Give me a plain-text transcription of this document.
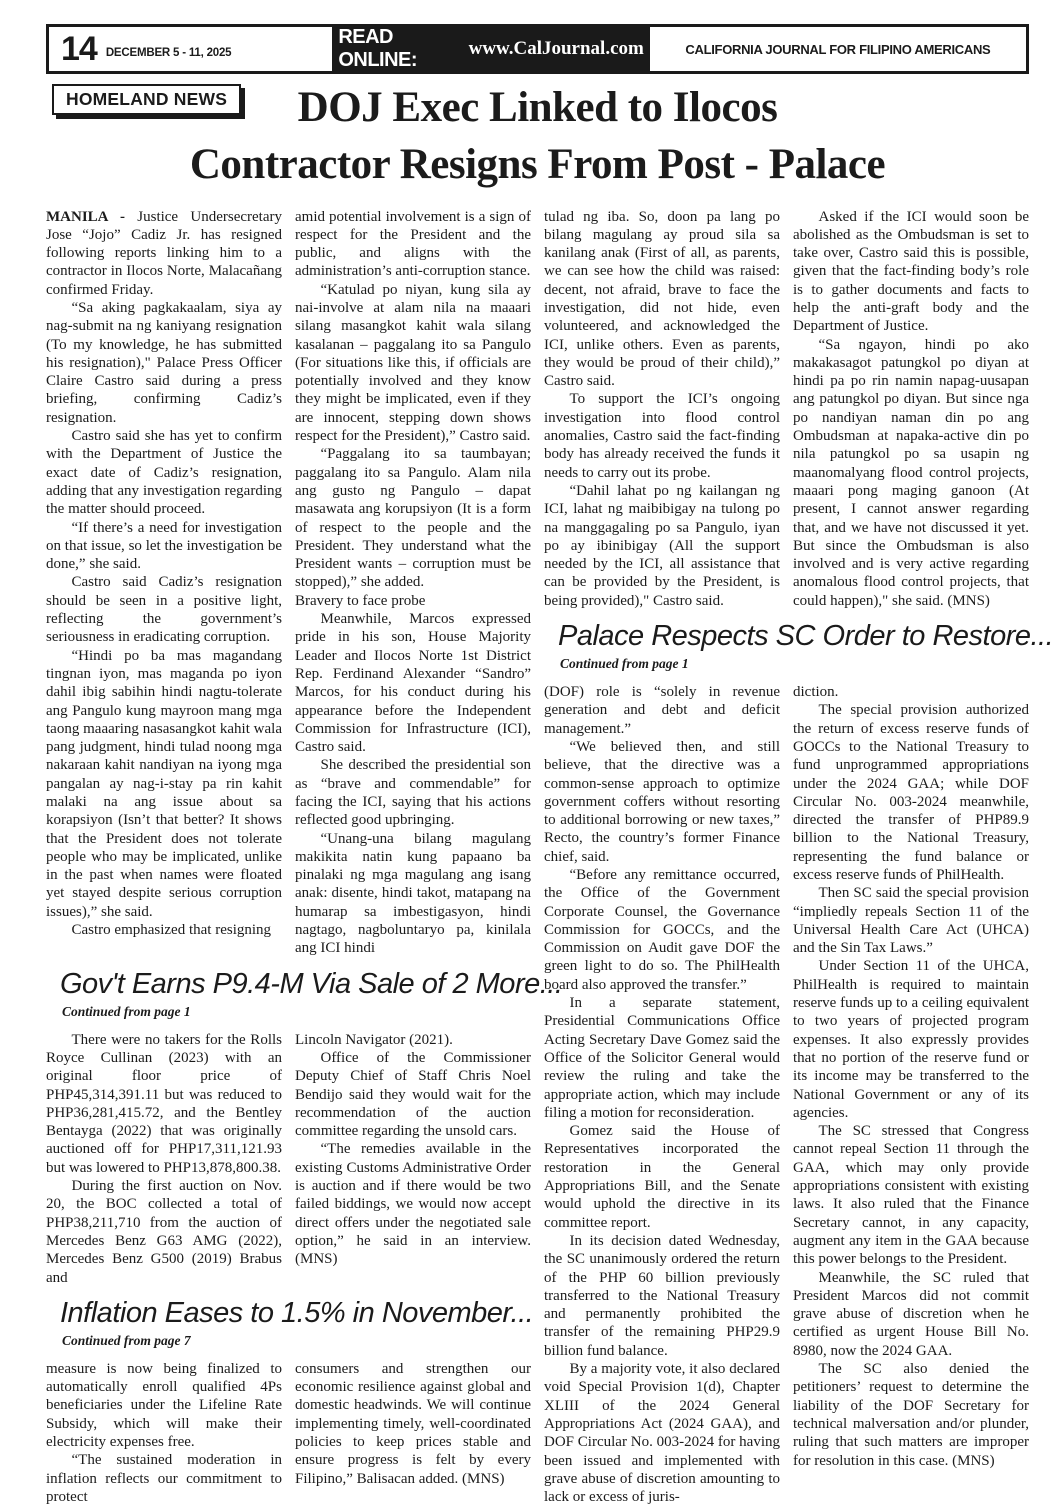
14 DECEMBER 5 - 11, 2025
READ ONLINE:
www.CalJournal.com	CALIFORNIA JOURNAL FOR FILIPINO AMERICANS
HOMELAND NEWS	DOJ Exec Linked to Ilocos
Contractor Resigns From Post - Palace

MANILA - Justice Undersecretary Jose “Jojo” Cadiz Jr. has resigned following reports linking him to a contractor in Ilocos Norte, Malacañang confirmed Friday.

“Sa aking pagkakaalam, siya ay nag-submit na ng kaniyang resignation (To my knowledge, he has submitted his resignation)," Palace Press Officer Claire Castro said during a press briefing, confirming Cadiz’s resignation.

Castro said she has yet to confirm with the Department of Justice the exact date of Cadiz’s resignation, adding that any investigation regarding the matter should proceed.

“If there’s a need for investigation on that issue, so let the investigation be done,” she said.

Castro said Cadiz’s resignation should be seen in a positive light, reflecting the government’s seriousness in eradicating corruption.

“Hindi po ba mas magandang tingnan iyon, mas maganda po iyon dahil ibig sabihin hindi nagtu-tolerate ang Pangulo kung mayroon mang mga taong maaaring nasasangkot kahit wala pang judgment, hindi tulad noong mga nakaraan kahit nandiyan na iyong mga pangalan ay nag-i-stay pa rin kahit malaki na ang issue about sa korapsiyon (Isn’t that better? It shows that the President does not tolerate people who may be implicated, unlike in the past when names were floated yet stayed despite serious corruption issues),” she said.

Castro emphasized that resigning

amid potential involvement is a sign of respect for the President and the public, and aligns with the administration’s anti-corruption stance.

“Katulad po niyan, kung sila ay nai-involve at alam nila na maaari silang masangkot kahit wala silang kasalanan – paggalang ito sa Pangulo (For situations like this, if officials are potentially involved and they know they might be implicated, even if they are innocent, stepping down shows respect for the President),” Castro said.

“Paggalang ito sa taumbayan; paggalang ito sa Pangulo. Alam nila ang gusto ng Pangulo – dapat masawata ang korupsiyon (It is a form of respect to the people and the President. They understand what the President wants – corruption must be stopped),” she added.

Bravery to face probe

Meanwhile, Marcos expressed pride in his son, House Majority Leader and Ilocos Norte 1st District Rep. Ferdinand Alexander “Sandro” Marcos, for his conduct during his appearance before the Independent Commission for Infrastructure (ICI), Castro said.

She described the presidential son as “brave and commendable” for facing the ICI, saying that his actions reflected good upbringing.

“Unang-una bilang magulang makikita natin kung papaano ba pinalaki ng mga magulang ang isang anak: disente, hindi takot, matapang na humarap sa imbestigasyon, hindi nagtago, nagboluntaryo pa, kinilala ang ICI hindi

Gov't Earns P9.4-M Via Sale of 2 More...
Continued from page 1

There were no takers for the Rolls Royce Cullinan (2023) with an original floor price of PHP45,314,391.11 but was reduced to PHP36,281,415.72, and the Bentley Bentayga (2022) that was originally auctioned off for PHP17,311,121.93 but was lowered to PHP13,878,800.38.

During the first auction on Nov. 20, the BOC collected a total of PHP38,211,710 from the auction of Mercedes Benz G63 AMG (2022), Mercedes Benz G500 (2019) Brabus and

Lincoln Navigator (2021).

Office of the Commissioner Deputy Chief of Staff Chris Noel Bendijo said they would wait for the recommendation of the auction committee regarding the unsold cars.

“The remedies available in the existing Customs Administrative Order is auction and if there would be two failed biddings, we would now accept direct offers under the negotiated sale option,” he said in an interview. (MNS)

Inflation Eases to 1.5% in November...
Continued from page 7

measure is now being finalized to automatically enroll qualified 4Ps beneficiaries under the Lifeline Rate Subsidy, which will make their electricity expenses free.

“The sustained moderation in inflation reflects our commitment to protect

consumers and strengthen our economic resilience against global and domestic headwinds. We will continue implementing timely, well-coordinated policies to keep prices stable and ensure progress is felt by every Filipino,” Balisacan added. (MNS)

tulad ng iba. So, doon pa lang po bilang magulang ay proud sila sa kanilang anak (First of all, as parents, we can see how the child was raised: decent, not afraid, brave to face the investigation, did not hide, even volunteered, and acknowledged the ICI, unlike others. Even as parents, they would be proud of their child),” Castro said.

To support the ICI’s ongoing investigation into flood control anomalies, Castro said the fact-finding body has already received the funds it needs to carry out its probe.

“Dahil lahat po ng kailangan ng ICI, lahat ng maibibigay na tulong po na manggagaling po sa Pangulo, iyan po ay ibinibigay (All the support needed by the ICI, all assistance that can be provided by the President, is being provided)," Castro said.

Asked if the ICI would soon be abolished as the Ombudsman is set to take over, Castro said this is possible, given that the fact-finding body’s role is to gather documents and facts to help the anti-graft body and the Department of Justice.

“Sa ngayon, hindi po ako makakasagot patungkol po diyan at hindi pa po rin namin napag-uusapan ang patungkol po diyan. But since nga po nandiyan naman din po ang Ombudsman at napaka-active din po nila patungkol po sa usapin ng maanomalyang flood control projects, maaari pong maging ganoon (At present, I cannot answer regarding that, and we have not discussed it yet. But since the Ombudsman is also involved and is very active regarding anomalous flood control projects, that could happen)," she said. (MNS)

Palace Respects SC Order to Restore...
Continued from page 1

(DOF) role is “solely in revenue generation and debt and deficit management.”

“We believed then, and still believe, that the directive was a common-sense approach to optimize government coffers without resorting to additional borrowing or new taxes,” Recto, the country’s former Finance chief, said.

“Before any remittance occurred, the Office of the Government Corporate Counsel, the Governance Commission for GOCCs, and the Commission on Audit gave DOF the green light to do so. The PhilHealth board also approved the transfer.”

In a separate statement, Presidential Communications Office Acting Secretary Dave Gomez said the Office of the Solicitor General would review the ruling and take the appropriate action, which may include filing a motion for reconsideration.

Gomez said the House of Representatives incorporated the restoration in the General Appropriations Bill, and the Senate would uphold the directive in its committee report.

In its decision dated Wednesday, the SC unanimously ordered the return of the PHP 60 billion previously transferred to the National Treasury and permanently prohibited the transfer of the remaining PHP29.9 billion fund balance.

By a majority vote, it also declared void Special Provision 1(d), Chapter XLIII of the 2024 General Appropriations Act (2024 GAA), and DOF Circular No. 003-2024 for having been issued and implemented with grave abuse of discretion amounting to lack or excess of juris-

diction.

The special provision authorized the return of excess reserve funds of GOCCs to the National Treasury to fund unprogrammed appropriations under the 2024 GAA; while DOF Circular No. 003-2024 meanwhile, directed the transfer of PHP89.9 billion to the National Treasury, representing the fund balance or excess reserve funds of PhilHealth.

Then SC said the special provision “impliedly repeals Section 11 of the Universal Health Care Act (UHCA) and the Sin Tax Laws.”

Under Section 11 of the UHCA, PhilHealth is required to maintain reserve funds up to a ceiling equivalent to two years of projected program expenses. It also expressly provides that no portion of the reserve fund or its income may be transferred to the National Government or any of its agencies.

The SC stressed that Congress cannot repeal Section 11 through the GAA, which may only provide appropriations consistent with existing laws. It also ruled that the Finance Secretary cannot, in any capacity, augment any item in the GAA because this power belongs to the President.

Meanwhile, the SC ruled that President Marcos did not commit grave abuse of discretion when he certified as urgent House Bill No. 8980, now the 2024 GAA.

The SC also denied the petitioners’ request to determine the liability of the DOF Secretary for technical malversation and/or plunder, ruling that such matters are improper for resolution in this case. (MNS)
